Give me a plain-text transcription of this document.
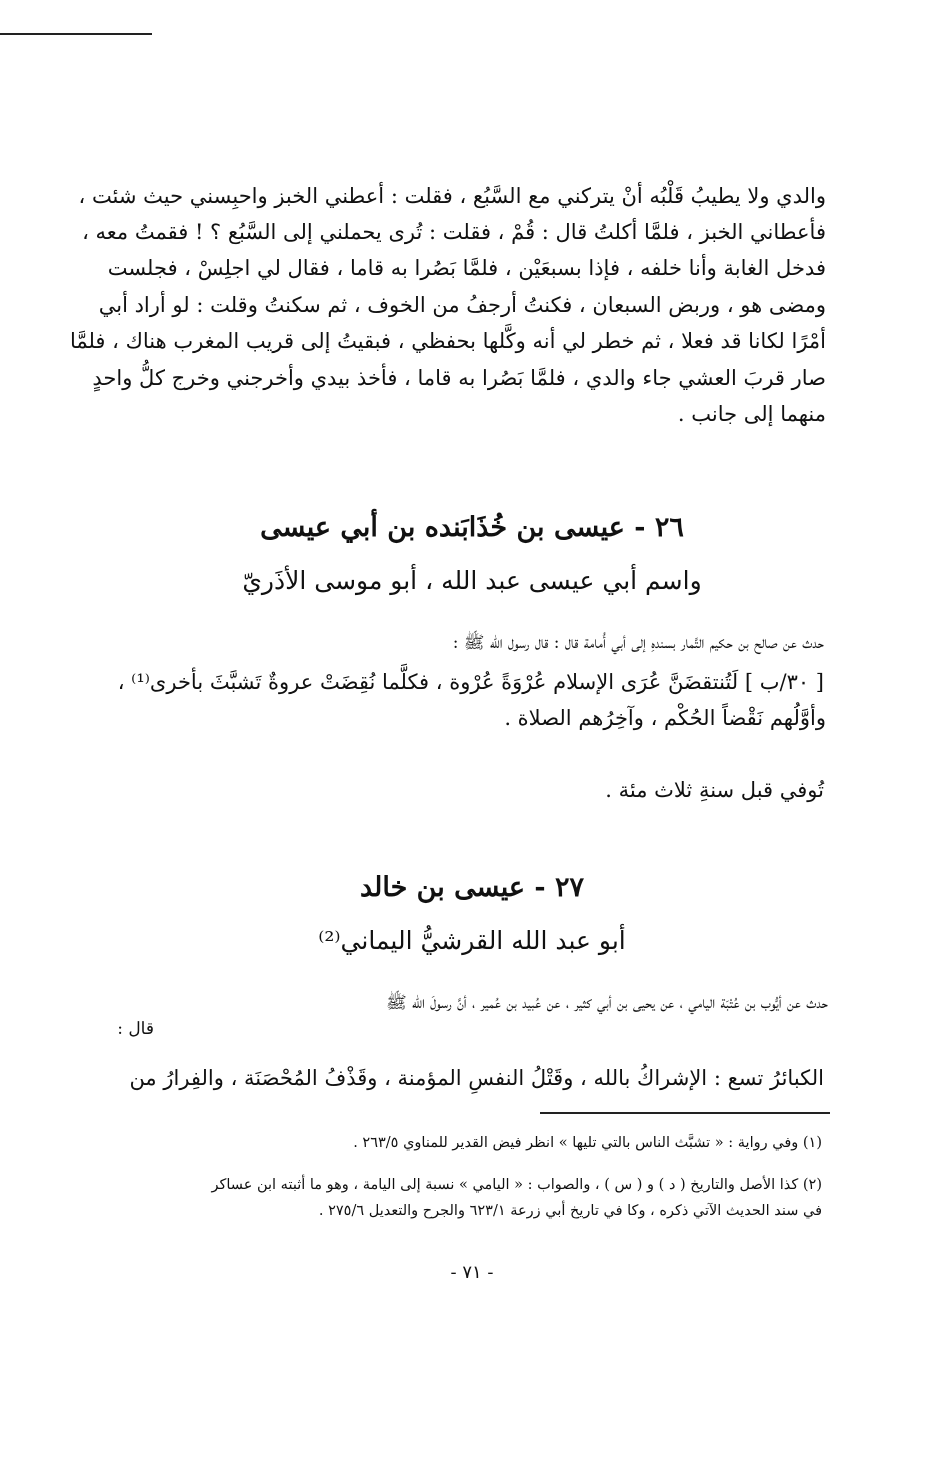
والدي ولا يطيبُ قَلْبُه أنْ يتركني مع السَّبُع ، فقلت : أعطني الخبز واحبِسني حيث شئت ،
فأعطاني الخبز ، فلمَّا أكلتُ قال : قُمْ ، فقلت : تُرى يحملني إلى السَّبُع ؟ ! فقمتُ معه ،
فدخل الغابة وأنا خلفه ، فإذا بسبعَيْن ، فلمَّا بَصُرا به قاما ، فقال لي اجلِسْ ، فجلست
ومضى هو ، وربض السبعان ، فكنتُ أرجفُ من الخوف ، ثم سكنتُ وقلت : لو أراد أبي
أمْرًا لكانا قد فعلا ، ثم خطر لي أنه وكَّلها بحفظي ، فبقيتُ إلى قريب المغرب هناك ، فلمَّا
صار قربَ العشي جاء والدي ، فلمَّا بَصُرا به قاما ، فأخذ بيدي وأخرجني وخرج كلُّ واحدٍ
منهما إلى جانب .
٢٦ - عيسى بن خُذَابَنده بن أبي عيسى
واسم أبي عيسى عبد الله ، أبو موسى الأذَريّ
حدث عن صالح بن حكيم التَّمار بسندهِ إلى أبي أُمامة قال : قال رسول الله ﷺ :
[ ٣٠/ب ] لَتُنتقضَنَّ عُرَى الإسلام عُرْوَةً عُرْوة ، فكلَّما نُقِضَتْ عروةٌ تَشبَّثَ بأخرى⁽¹⁾ ،
وأوَّلُهم نَقْضاً الحُكْم ، وآخِرُهم الصلاة .
تُوفي قبل سنةِ ثلاث مئة .
٢٧ - عيسى بن خالد
أبو عبد الله القرشيُّ اليماني⁽²⁾
حدث عن أيُّوب بن عُتْبَة اليامي ، عن يحيى بن أبي كثير ، عن عُبيد بن عُمير ، أنَّ رسولَ الله ﷺ
قال :
الكبائرُ تسع : الإشراكُ بالله ، وقَتْلُ النفسِ المؤمنة ، وقَذْفُ المُحْصَنَة ، والفِرارُ من
(١) وفي رواية : « تشبَّث الناس بالتي تليها » انظر فيض القدير للمناوي ٢٦٣/٥ .
(٢) كذا الأصل والتاريخ ( د ) و ( س ) ، والصواب : « اليامي » نسبة إلى اليامة ، وهو ما أثبته ابن عساكر
في سند الحديث الآتي ذكره ، وكا في تاريخ أبي زرعة ٦٢٣/١ والجرح والتعديل ٢٧٥/٦ .
- ٧١ -
